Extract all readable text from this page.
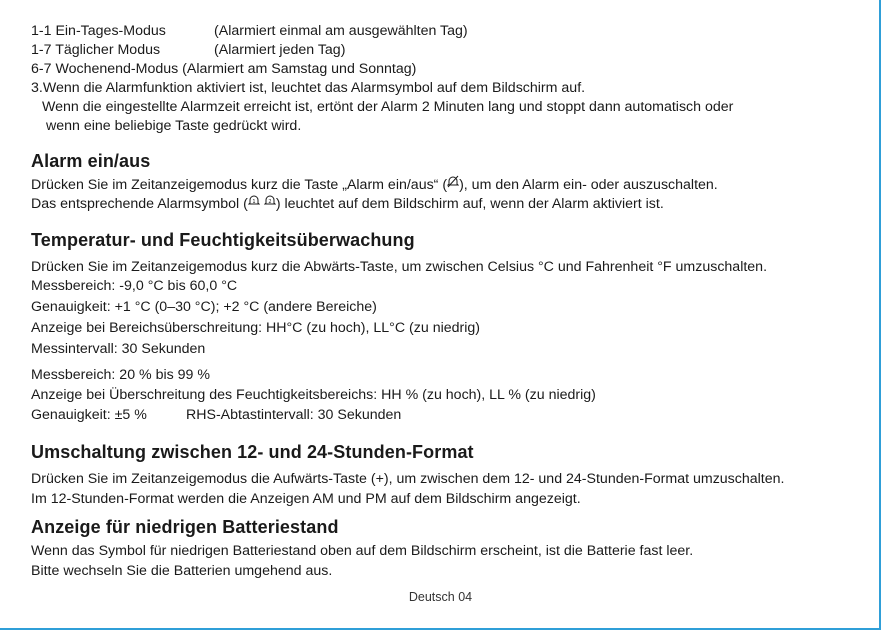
1-1 Ein-Tages-Modus	(Alarmiert einmal am ausgewählten Tag)
1-7 Täglicher Modus	(Alarmiert jeden Tag)
6-7 Wochenend-Modus (Alarmiert am Samstag und Sonntag)
3.Wenn die Alarmfunktion aktiviert ist, leuchtet das Alarmsymbol auf dem Bildschirm auf.
Wenn die eingestellte Alarmzeit erreicht ist, ertönt der Alarm 2 Minuten lang und stoppt dann automatisch oder
wenn eine beliebige Taste gedrückt wird.
Alarm ein/aus
Drücken Sie im Zeitanzeigemodus kurz die Taste „Alarm ein/aus“ ( ), um den Alarm ein- oder auszuschalten.
Das entsprechende Alarmsymbol ( 1
	2 ) leuchtet auf dem Bildschirm auf, wenn der Alarm aktiviert ist.
Temperatur- und Feuchtigkeitsüberwachung
Drücken Sie im Zeitanzeigemodus kurz die Abwärts-Taste, um zwischen Celsius °C und Fahrenheit °F umzuschalten.
Messbereich: -9,0 °C bis 60,0 °C
Genauigkeit: +1 °C (0–30 °C); +2 °C (andere Bereiche)
Anzeige bei Bereichsüberschreitung: HH°C (zu hoch), LL°C (zu niedrig)
Messintervall: 30 Sekunden
Messbereich: 20 % bis 99 %
Anzeige bei Überschreitung des Feuchtigkeitsbereichs: HH % (zu hoch), LL % (zu niedrig)
Genauigkeit: ±5 %	RHS-Abtastintervall: 30 Sekunden
Umschaltung zwischen 12- und 24-Stunden-Format
Drücken Sie im Zeitanzeigemodus die Aufwärts-Taste (+), um zwischen dem 12- und 24-Stunden-Format umzuschalten.
Im 12-Stunden-Format werden die Anzeigen AM und PM auf dem Bildschirm angezeigt.
Anzeige für niedrigen Batteriestand
Wenn das Symbol für niedrigen Batteriestand oben auf dem Bildschirm erscheint, ist die Batterie fast leer.
Bitte wechseln Sie die Batterien umgehend aus.
Deutsch 04
